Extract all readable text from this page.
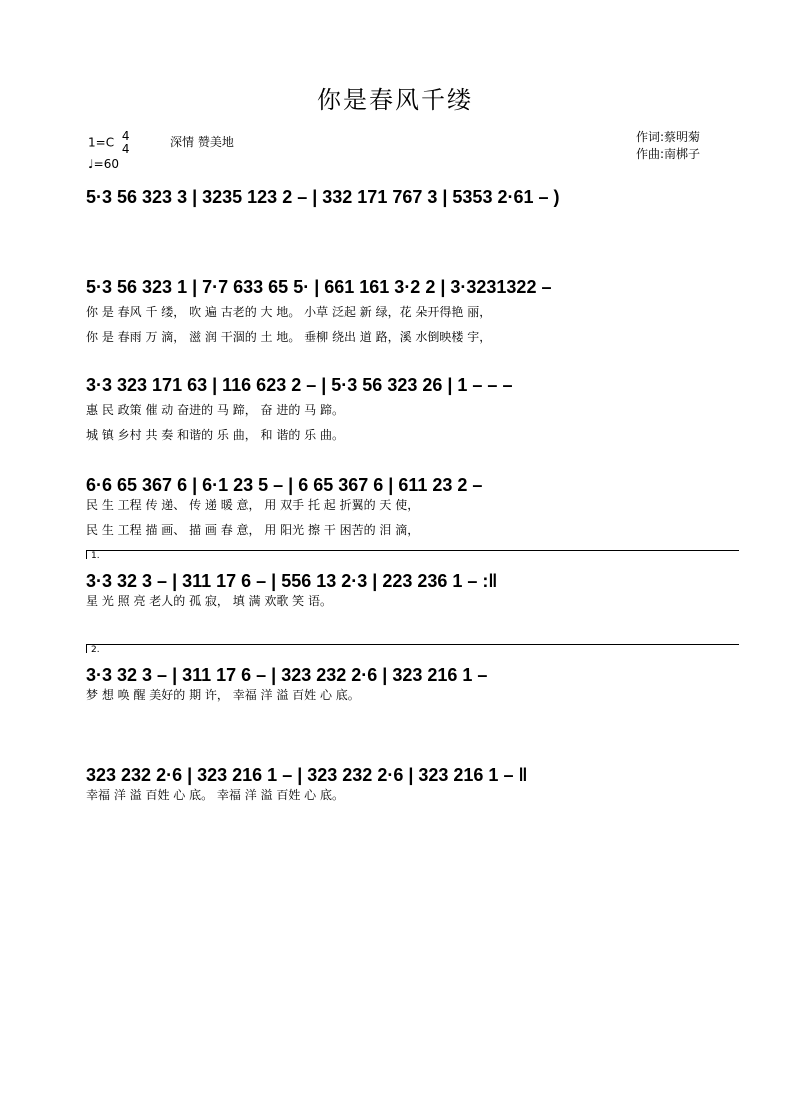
你是春风千缕
1=C 4
4	深情 赞美地
♩=60
作词:蔡明菊
作曲:南梆子
5·3 56 323 3 | 3235 123 2 – | 332 171 767 3 | 5353 2·61 – )
5·3 56 323 1 | 7·7 633 65 5· | 661 161 3·2 2 | 3·3231322 –
你 是 春风 千 缕， 吹 遍 古老的 大 地。 小草 泛起 新 绿，花 朵开得艳 丽，
你 是 春雨 万 滴， 滋 润 干涸的 土 地。 垂柳 绕出 道 路，溪 水倒映楼 宇，
3·3 323 171 63 | 116 623 2 – | 5·3 56 323 26 | 1 – – –
惠 民 政策 催 动 奋进的 马 蹄， 奋 进的 马 蹄。
城 镇 乡村 共 奏 和谐的 乐 曲， 和 谐的 乐 曲。
6·6 65 367 6 | 6·1 23 5 – | 6 65 367 6 | 611 23 2 –
民 生 工程 传 递、 传 递 暖 意， 用 双手 托 起 折翼的 天 使，
民 生 工程 描 画、 描 画 春 意， 用 阳光 擦 干 困苦的 泪 滴，
1.
3·3 32 3 – | 311 17 6 – | 556 13 2·3 | 223 236 1 – :‖
星 光 照 亮 老人的 孤 寂， 填 满 欢歌 笑 语。
2.
3·3 32 3 – | 311 17 6 – | 323 232 2·6 | 323 216 1 –
梦 想 唤 醒 美好的 期 许， 幸福 洋 溢 百姓 心 底。
323 232 2·6 | 323 216 1 – | 323 232 2·6 | 323 216 1 – ‖
幸福 洋 溢 百姓 心 底。 幸福 洋 溢 百姓 心 底。
